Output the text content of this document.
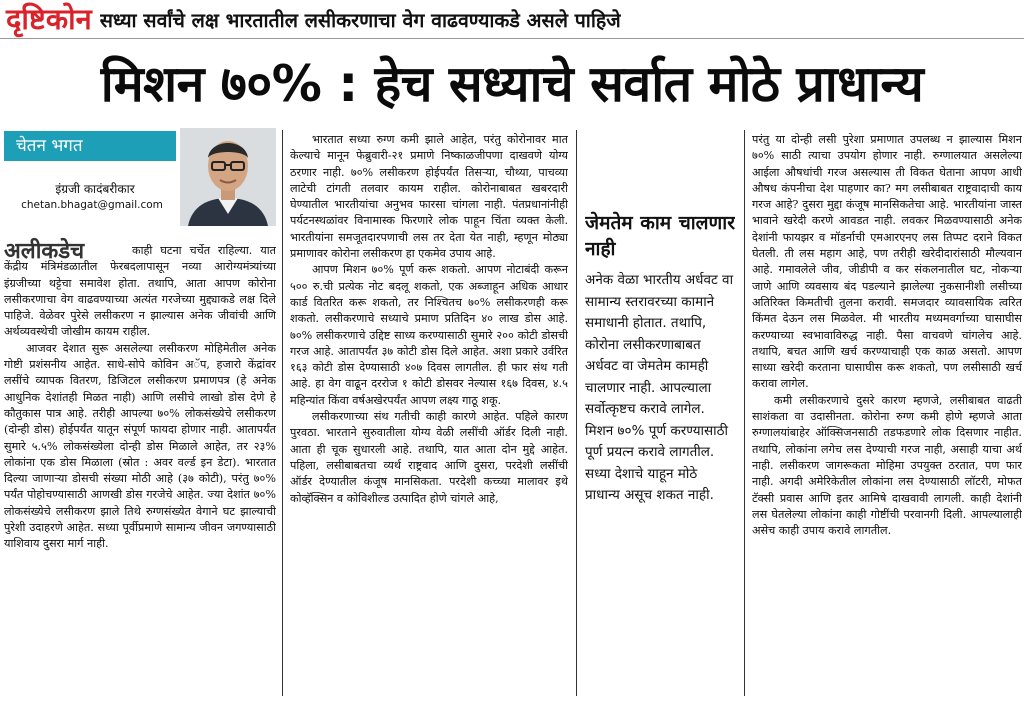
दृष्टिकोन सध्या सर्वांचे लक्ष भारतातील लसीकरणाचा वेग वाढवण्याकडे असले पाहिजे
मिशन ७०% : हेच सध्याचे सर्वात मोठे प्राधान्य
चेतन भगत
इंग्रजी कादंबरीकार
chetan.bhagat@gmail.com
अलीकडेच	काही घटना चर्चेत राहिल्या. यात केंद्रीय मंत्रिमंडळातील फेरबदलापासून नव्या आरोग्यमंत्र्यांच्या इंग्रजीच्या थट्टेचा समावेश होता. तथापि, आता आपण कोरोना लसीकरणाचा वेग वाढवण्याच्या अत्यंत गरजेच्या मुद्द्याकडे लक्ष दिले पाहिजे. वेळेवर पुरेसे लसीकरण न झाल्यास अनेक जीवांची आणि अर्थव्यवस्थेची जोखीम कायम राहील.

आजवर देशात सुरू असलेल्या लसीकरण मोहिमेतील अनेक गोष्टी प्रशंसनीय आहेत. साधे-सोपे कोविन अॅप, हजारो केंद्रांवर लसींचे व्यापक वितरण, डिजिटल लसीकरण प्रमाणपत्र (हे अनेक आधुनिक देशांतही मिळत नाही) आणि लसीचे लाखो डोस देणे हे कौतुकास पात्र आहे. तरीही आपल्या ७०% लोकसंख्येचे लसीकरण (दोन्ही डोस) होईपर्यंत यातून संपूर्ण फायदा होणार नाही. आतापर्यंत सुमारे ५.५% लोकसंख्येला दोन्ही डोस मिळाले आहेत, तर २३% लोकांना एक डोस मिळाला (स्रोत : अवर वर्ल्ड इन डेटा). भारतात दिल्या जाणाऱ्या डोसची संख्या मोठी आहे (३७ कोटी), परंतु ७०% पर्यंत पोहोचण्यासाठी आणखी डोस गरजेचे आहेत. ज्या देशांत ७०% लोकसंख्येचे लसीकरण झाले तिथे रुग्णसंख्येत वेगाने घट झाल्याची पुरेशी उदाहरणे आहेत. सध्या पूर्वीप्रमाणे सामान्य जीवन जगण्यासाठी याशिवाय दुसरा मार्ग नाही.

भारतात सध्या रुग्ण कमी झाले आहेत, परंतु कोरोनावर मात केल्याचे मानून फेब्रुवारी-२१ प्रमाणे निष्काळजीपणा दाखवणे योग्य ठरणार नाही. ७०% लसीकरण होईपर्यंत तिसऱ्या, चौथ्या, पाचव्या लाटेची टांगती तलवार कायम राहील. कोरोनाबाबत खबरदारी घेण्यातील भारतीयांचा अनुभव फारसा चांगला नाही. पंतप्रधानांनीही पर्यटनस्थळांवर विनामास्क फिरणारे लोक पाहून चिंता व्यक्त केली. भारतीयांना समजूतदारपणाची लस तर देता येत नाही, म्हणून मोठ्या प्रमाणावर कोरोना लसीकरण हा एकमेव उपाय आहे.

आपण मिशन ७०% पूर्ण करू शकतो. आपण नोटाबंदी करून ५०० रु.ची प्रत्येक नोट बदलू शकतो, एक अब्जाहून अधिक आधार कार्ड वितरित करू शकतो, तर निश्चितच ७०% लसीकरणही करू शकतो. लसीकरणाचे सध्याचे प्रमाण प्रतिदिन ४० लाख डोस आहे. ७०% लसीकरणाचे उद्दिष्ट साध्य करण्यासाठी सुमारे २०० कोटी डोसची गरज आहे. आतापर्यंत ३७ कोटी डोस दिले आहेत. अशा प्रकारे उर्वरित १६३ कोटी डोस देण्यासाठी ४०७ दिवस लागतील. ही फार संथ गती आहे. हा वेग वाढून दररोज १ कोटी डोसवर नेल्यास १६७ दिवस, ४.५ महिन्यांत किंवा वर्षअखेरपर्यंत आपण लक्ष्य गाठू शकू.

लसीकरणाच्या संथ गतीची काही कारणे आहेत. पहिले कारण पुरवठा. भारताने सुरुवातीला योग्य वेळी लसींची ऑर्डर दिली नाही. आता ही चूक सुधारली आहे. तथापि, यात आता दोन मुद्दे आहेत. पहिला, लसीबाबतचा व्यर्थ राष्ट्रवाद आणि दुसरा, परदेशी लसींची ऑर्डर देण्यातील कंजूष मानसिकता. परदेशी कच्च्या मालावर इथे कोव्हॅक्सिन व कोविशील्ड उत्पादित होणे चांगले आहे,

जेमतेम काम चालणार नाही
अनेक वेळा भारतीय अर्धवट वा सामान्य स्तरावरच्या कामाने समाधानी होतात. तथापि, कोरोना लसीकरणाबाबत अर्धवट वा जेमतेम कामही चालणार नाही. आपल्याला सर्वोत्कृष्टच करावे लागेल. मिशन ७०% पूर्ण करण्यासाठी पूर्ण प्रयत्न करावे लागतील. सध्या देशाचे याहून मोठे प्राधान्य असूच शकत नाही.

परंतु या दोन्ही लसी पुरेशा प्रमाणात उपलब्ध न झाल्यास मिशन ७०% साठी त्याचा उपयोग होणार नाही. रुग्णालयात असलेल्या आईला औषधांची गरज असल्यास ती विकत घेताना आपण आधी औषध कंपनीचा देश पाहणार का? मग लसीबाबत राष्ट्रवादाची काय गरज आहे? दुसरा मुद्दा कंजूष मानसिकतेचा आहे. भारतीयांना जास्त भावाने खरेदी करणे आवडत नाही. लवकर मिळवण्यासाठी अनेक देशांनी फायझर व मॉडर्नाची एमआरएनए लस तिप्पट दराने विकत घेतली. ती लस महाग आहे, पण तरीही खरेदीदारांसाठी मौल्यवान आहे. गमावलेले जीव, जीडीपी व कर संकलनातील घट, नोकऱ्या जाणे आणि व्यवसाय बंद पडल्याने झालेल्या नुकसानीशी लसीच्या अतिरिक्त किमतीची तुलना करावी. समजदार व्यावसायिक त्वरित किंमत देऊन लस मिळवेल. मी भारतीय मध्यमवर्गाच्या घासाघीस करण्याच्या स्वभावाविरुद्ध नाही. पैसा वाचवणे चांगलेच आहे. तथापि, बचत आणि खर्च करण्याचाही एक काळ असतो. आपण साध्या खरेदी करताना घासाघीस करू शकतो, पण लसीसाठी खर्च करावा लागेल.

कमी लसीकरणाचे दुसरे कारण म्हणजे, लसीबाबत वाढती साशंकता वा उदासीनता. कोरोना रुग्ण कमी होणे म्हणजे आता रुग्णालयांबाहेर ऑक्सिजनसाठी तडफडणारे लोक दिसणार नाहीत. तथापि, लोकांना लगेच लस देण्याची गरज नाही, असाही याचा अर्थ नाही. लसीकरण जागरूकता मोहिमा उपयुक्त ठरतात, पण फार नाही. अगदी अमेरिकेतील लोकांना लस देण्यासाठी लॉटरी, मोफत टॅक्सी प्रवास आणि इतर आमिषे दाखवावी लागली. काही देशांनी लस घेतलेल्या लोकांना काही गोष्टींची परवानगी दिली. आपल्यालाही असेच काही उपाय करावे लागतील.
